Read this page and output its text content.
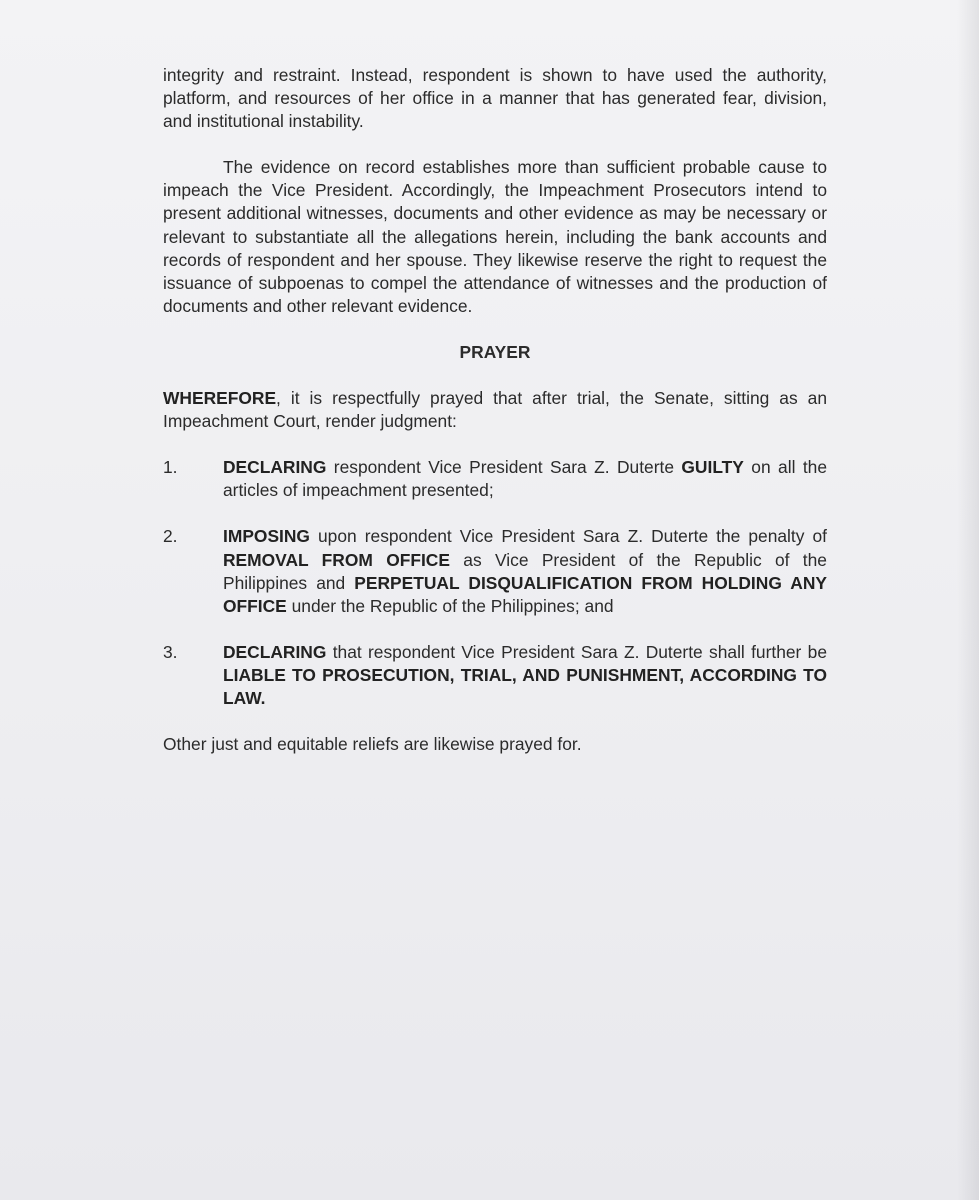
integrity and restraint. Instead, respondent is shown to have used the authority, platform, and resources of her office in a manner that has generated fear, division, and institutional instability.

The evidence on record establishes more than sufficient probable cause to impeach the Vice President. Accordingly, the Impeachment Prosecutors intend to present additional witnesses, documents and other evidence as may be necessary or relevant to substantiate all the allegations herein, including the bank accounts and records of respondent and her spouse. They likewise reserve the right to request the issuance of subpoenas to compel the attendance of witnesses and the production of documents and other relevant evidence.

PRAYER

WHEREFORE, it is respectfully prayed that after trial, the Senate, sitting as an Impeachment Court, render judgment:

1.	DECLARING respondent Vice President Sara Z. Duterte GUILTY on all the articles of impeachment presented;
2.	IMPOSING upon respondent Vice President Sara Z. Duterte the penalty of REMOVAL FROM OFFICE as Vice President of the Republic of the Philippines and PERPETUAL DISQUALIFICATION FROM HOLDING ANY OFFICE under the Republic of the Philippines; and
3.	DECLARING that respondent Vice President Sara Z. Duterte shall further be LIABLE TO PROSECUTION, TRIAL, AND PUNISHMENT, ACCORDING TO LAW.

Other just and equitable reliefs are likewise prayed for.
